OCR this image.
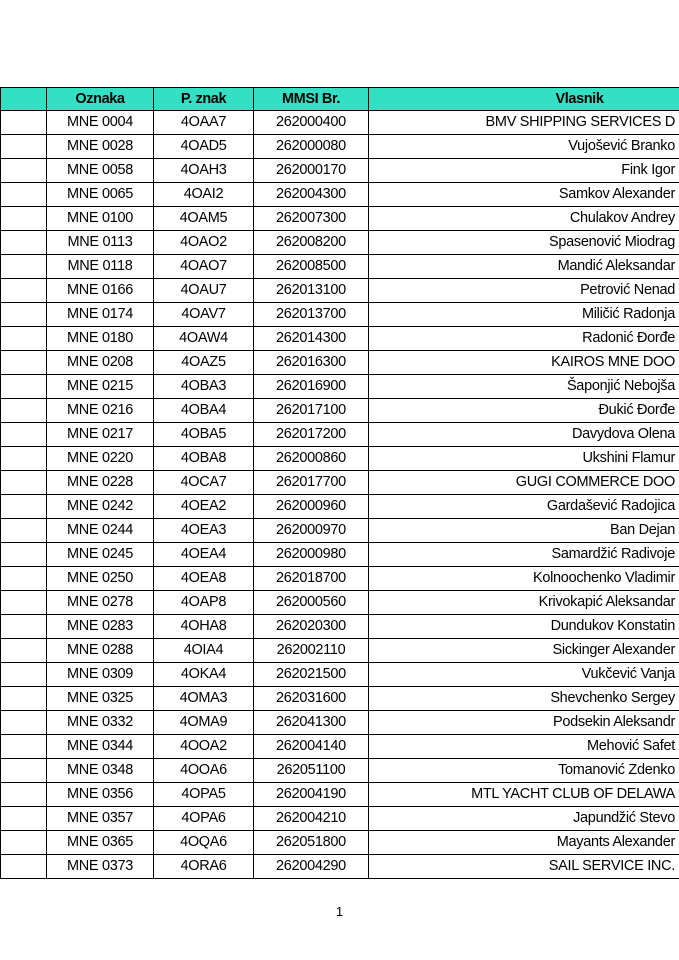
	Oznaka	P. znak	MMSI Br.	Vlasnik
	MNE 0004	4OAA7	262000400	BMV SHIPPING SERVICES D
	MNE 0028	4OAD5	262000080	Vujošević Branko
	MNE 0058	4OAH3	262000170	Fink Igor
	MNE 0065	4OAI2	262004300	Samkov Alexander
	MNE 0100	4OAM5	262007300	Chulakov Andrey
	MNE 0113	4OAO2	262008200	Spasenović Miodrag
	MNE 0118	4OAO7	262008500	Mandić Aleksandar
	MNE 0166	4OAU7	262013100	Petrović Nenad
	MNE 0174	4OAV7	262013700	Miličić Radonja
	MNE 0180	4OAW4	262014300	Radonić Đorđe
	MNE 0208	4OAZ5	262016300	KAIROS MNE DOO
	MNE 0215	4OBA3	262016900	Šaponjić Nebojša
	MNE 0216	4OBA4	262017100	Đukić Đorđe
	MNE 0217	4OBA5	262017200	Davydova Olena
	MNE 0220	4OBA8	262000860	Ukshini Flamur
	MNE 0228	4OCA7	262017700	GUGI COMMERCE DOO
	MNE 0242	4OEA2	262000960	Gardašević Radojica
	MNE 0244	4OEA3	262000970	Ban Dejan
	MNE 0245	4OEA4	262000980	Samardžić Radivoje
	MNE 0250	4OEA8	262018700	Kolnoochenko Vladimir
	MNE 0278	4OAP8	262000560	Krivokapić Aleksandar
	MNE 0283	4OHA8	262020300	Dundukov Konstatin
	MNE 0288	4OIA4	262002110	Sickinger Alexander
	MNE 0309	4OKA4	262021500	Vukčević Vanja
	MNE 0325	4OMA3	262031600	Shevchenko Sergey
	MNE 0332	4OMA9	262041300	Podsekin Aleksandr
	MNE 0344	4OOA2	262004140	Mehović Safet
	MNE 0348	4OOA6	262051100	Tomanović Zdenko
	MNE 0356	4OPA5	262004190	MTL YACHT CLUB OF DELAWA
	MNE 0357	4OPA6	262004210	Japundžić Stevo
	MNE 0365	4OQA6	262051800	Mayants Alexander
	MNE 0373	4ORA6	262004290	SAIL SERVICE INC.
1
